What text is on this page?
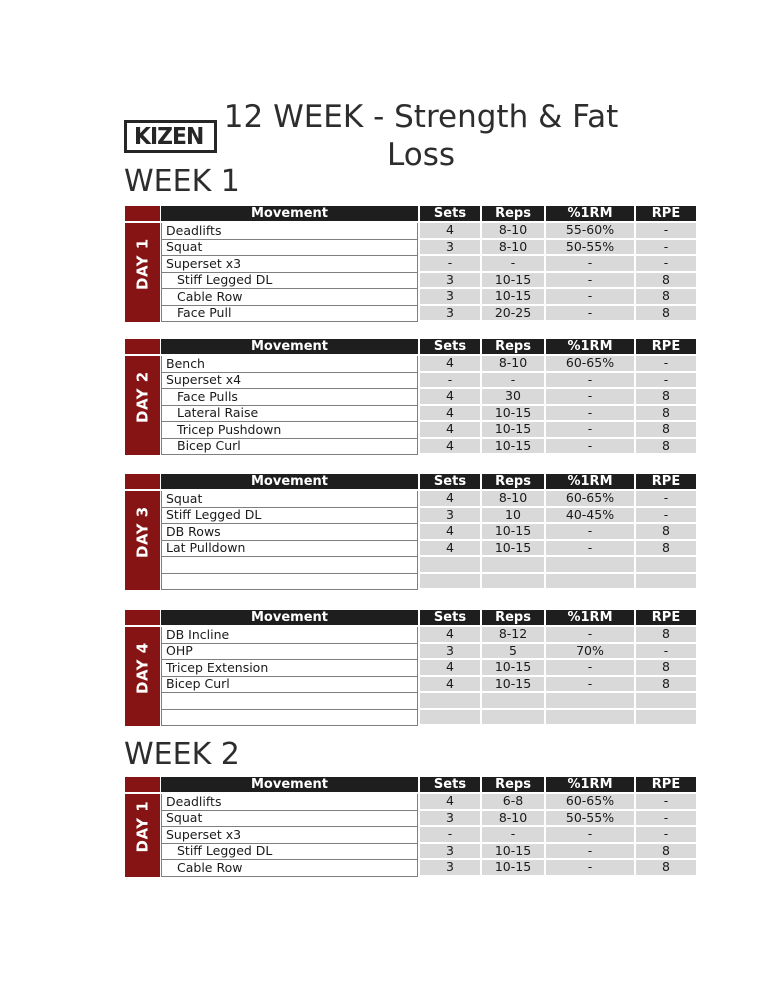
KIZEN
12 WEEK - Strength & Fat
Loss
WEEK 1
DAY 1
Movement	Sets	Reps	%1RM	RPE
Deadlifts	4	8-10	55-60%	-
Squat	3	8-10	50-55%	-
Superset x3	-	-	-	-
Stiff Legged DL	3	10-15	-	8
Cable Row	3	10-15	-	8
Face Pull	3	20-25	-	8
DAY 2
Movement	Sets	Reps	%1RM	RPE
Bench	4	8-10	60-65%	-
Superset x4	-	-	-	-
Face Pulls	4	30	-	8
Lateral Raise	4	10-15	-	8
Tricep Pushdown	4	10-15	-	8
Bicep Curl	4	10-15	-	8
DAY 3
Movement	Sets	Reps	%1RM	RPE
Squat	4	8-10	60-65%	-
Stiff Legged DL	3	10	40-45%	-
DB Rows	4	10-15	-	8
Lat Pulldown	4	10-15	-	8
DAY 4
Movement	Sets	Reps	%1RM	RPE
DB Incline	4	8-12	-	8
OHP	3	5	70%	-
Tricep Extension	4	10-15	-	8
Bicep Curl	4	10-15	-	8
WEEK 2
DAY 1
Movement	Sets	Reps	%1RM	RPE
Deadlifts	4	6-8	60-65%	-
Squat	3	8-10	50-55%	-
Superset x3	-	-	-	-
Stiff Legged DL	3	10-15	-	8
Cable Row	3	10-15	-	8
